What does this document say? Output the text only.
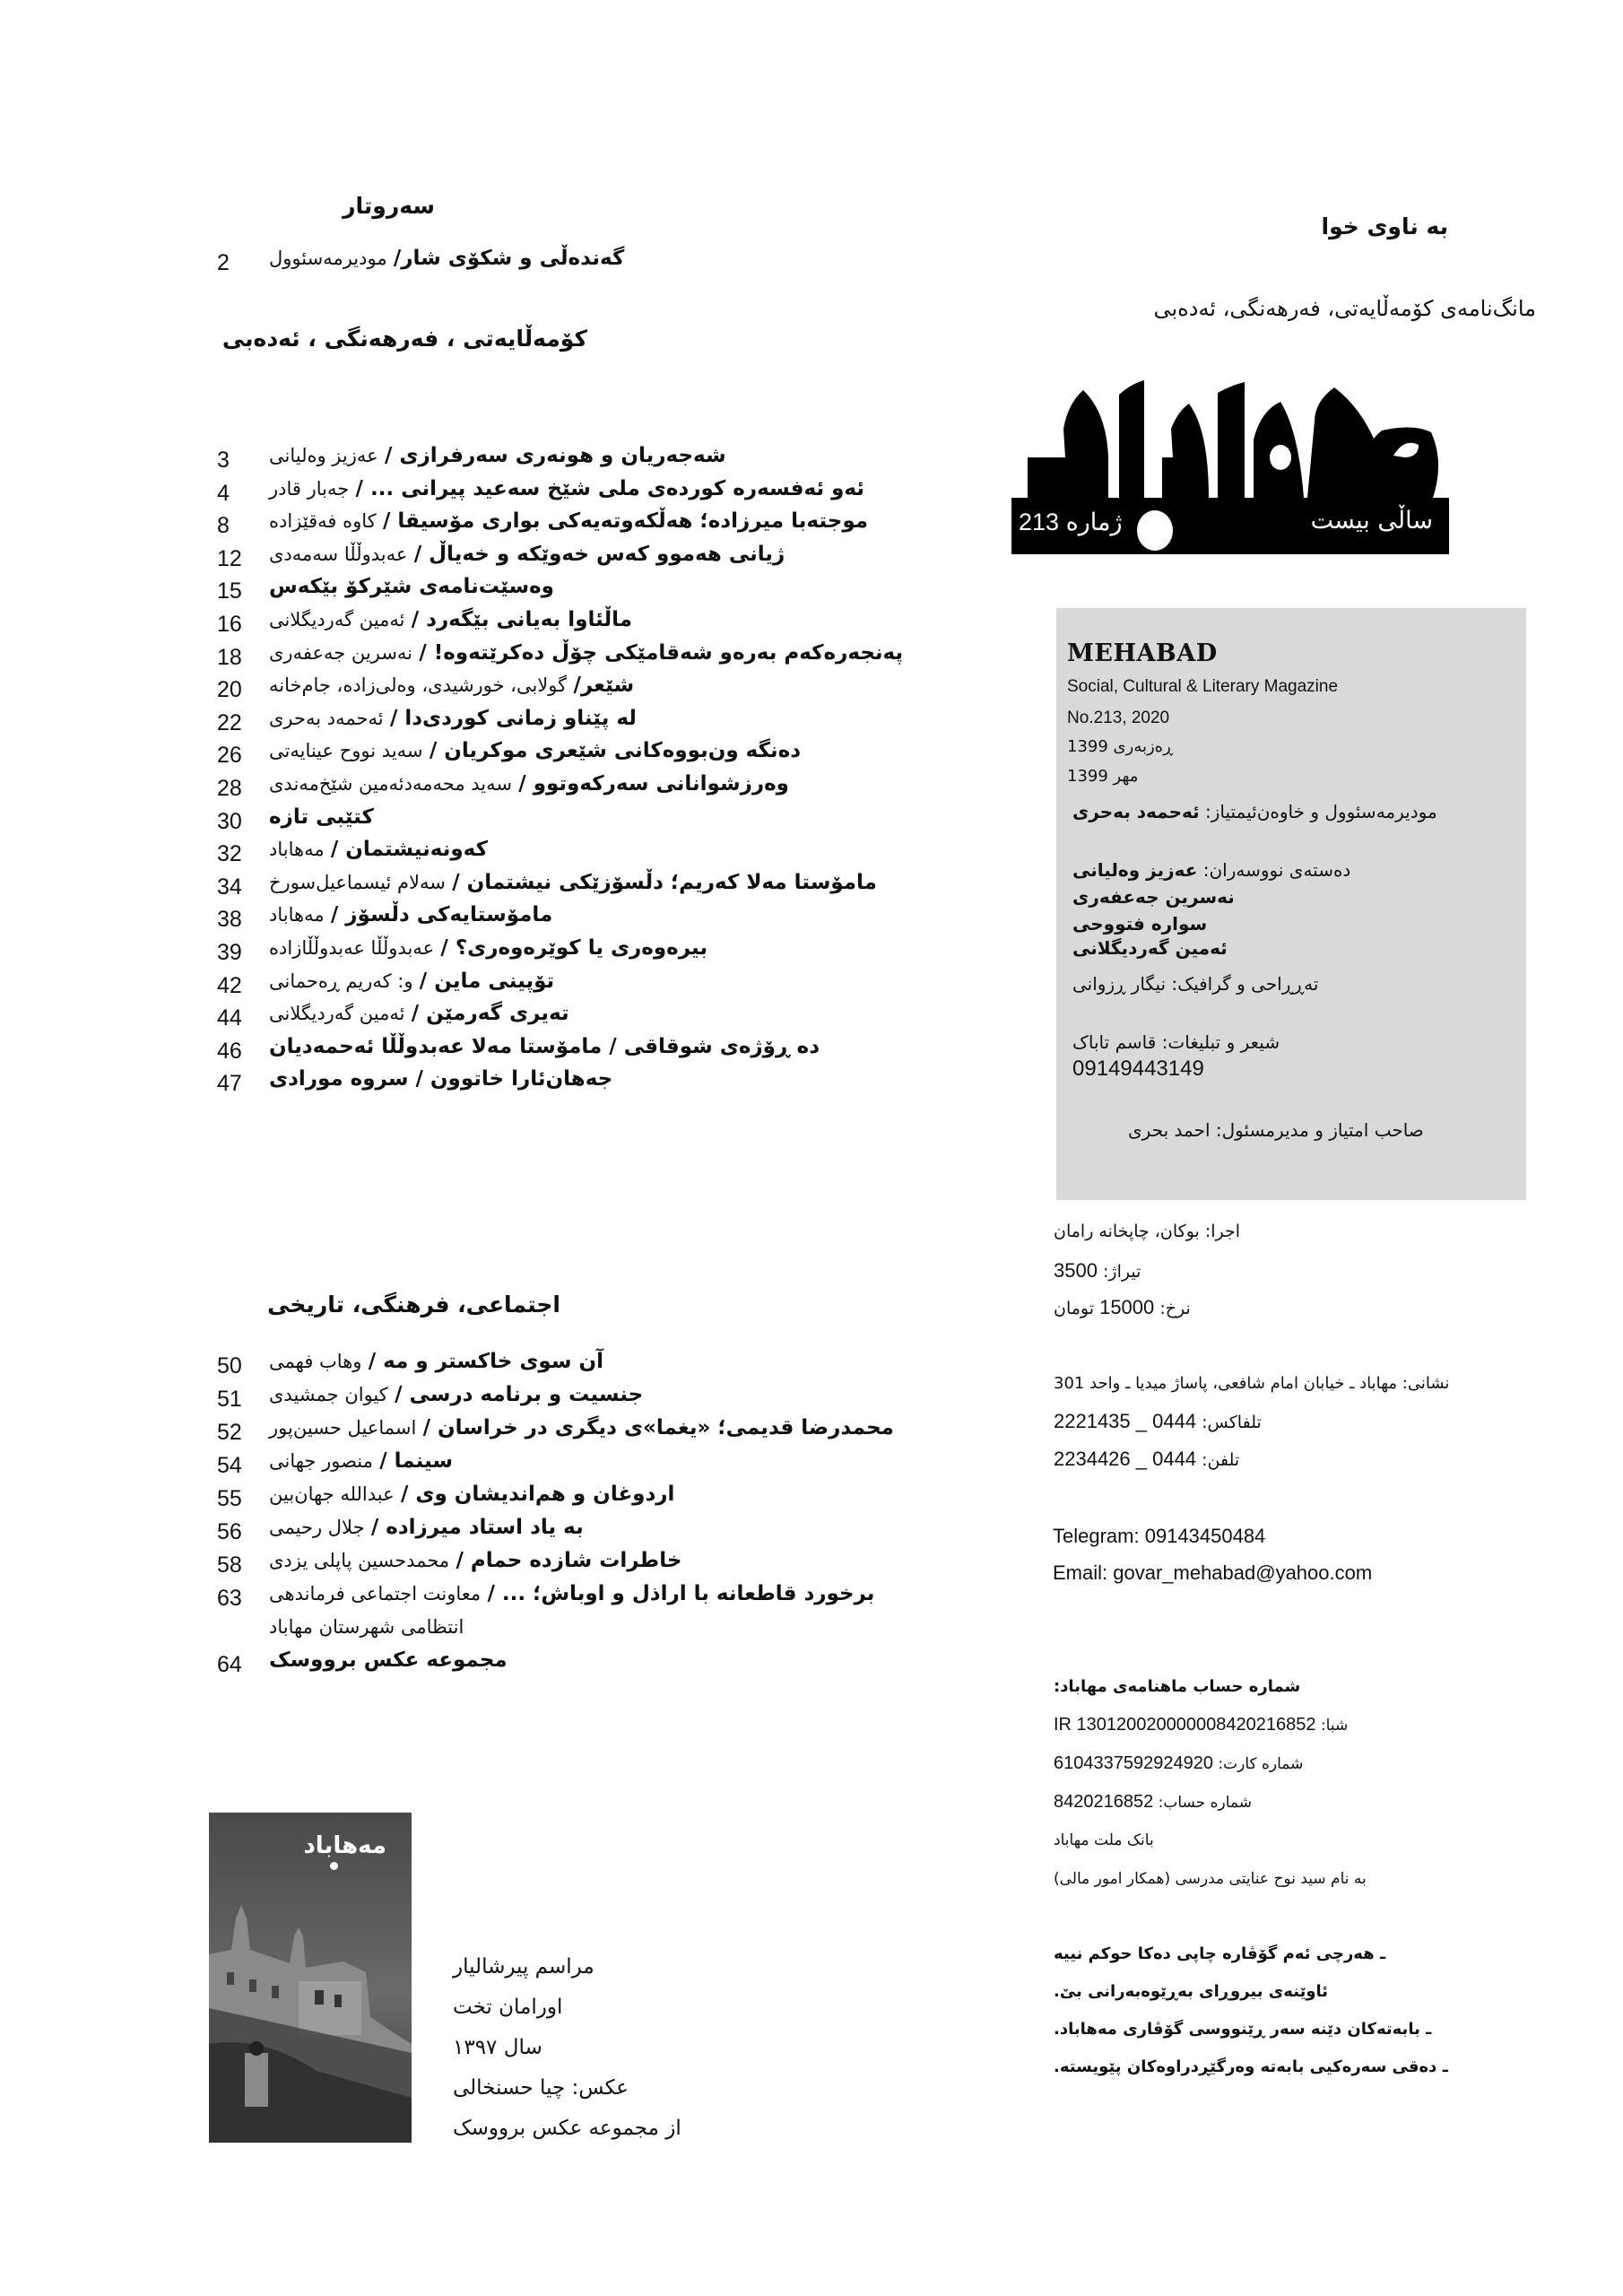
سه‌روتار
2	گه‌نده‌ڵی و شکۆی شار/ مودیرمه‌سئوول
کۆمه‌ڵایه‌تی ، فه‌رهه‌نگی ، ئه‌ده‌بی
3	شه‌جه‌ریان و هونه‌ری سه‌رفرازی / عه‌زیز وه‌لیانی
4	ئه‌و ئه‌فسه‌ره کورده‌ی ملی شێخ سه‌عید پیرانی ... / جه‌بار قادر
8	موجته‌با میرزاده؛ هه‌ڵکه‌وته‌یه‌کی بواری مۆسیقا / کاوه فه‌قێزاده
12	ژیانی هه‌موو که‌س خه‌وێکه و خه‌یاڵ / عه‌بدوڵڵا سه‌مه‌دی
15 وه‌سێت‌نامه‌ی شێرکۆ بێکه‌س
16	ماڵئاوا به‌یانی بێگه‌رد / ئه‌مین گه‌ردیگلانی
18	په‌نجه‌ره‌که‌م به‌ره‌و شه‌قامێکی چۆڵ ده‌کرێته‌وه‌! / نه‌سرین جه‌عفه‌ری
20	شێعر/ گولابی، خورشیدی، وه‌لی‌زاده، جام‌خانه
22	له پێناو زمانی کوردی‌دا / ئه‌حمه‌د به‌حری
26	ده‌نگه ون‌بووه‌کانی شێعری موکریان / سه‌ید نووح عینایه‌تی
28	وه‌رزشوانانی سه‌رکه‌وتوو / سه‌ید محه‌مه‌دئه‌مین شێخ‌مه‌ندی
30 کتێبی تازه
32	که‌ونه‌نیشتمان / مه‌هاباد
34	مامۆستا مه‌لا که‌ریم؛ دڵسۆزێکی نیشتمان / سه‌لام ئیسماعیل‌سورخ
38	مامۆستایه‌کی دڵسۆز / مه‌هاباد
39	بیره‌وه‌ری یا کوێره‌وه‌ری؟ / عه‌بدوڵڵا عه‌بدوڵڵازاده
42	تۆپینی ماین / و: که‌ریم ڕه‌حمانی
44	ته‌یری گه‌رمێن / ئه‌مین گه‌ردیگلانی
46 ده ڕۆژه‌ی شوقاقی / مامۆستا مه‌لا عه‌بدوڵڵا ئه‌حمه‌دیان
47 جه‌هان‌ئارا خاتوون / سروه مورادی
اجتماعی، فرهنگی، تاریخی
50	آن سوی خاکستر و مه / وهاب فهمی
51	جنسیت و برنامه درسی / کیوان جمشیدی
52	محمدرضا قدیمی؛ «یغما»ی دیگری در خراسان / اسماعیل حسین‌پور
54	سینما / منصور جهانی
55	اردوغان و هم‌اندیشان وی / عبدالله جهان‌بین
56	به یاد استاد میرزاده / جلال رحیمی
58	خاطرات شازده حمام / محمدحسین پاپلی یزدی
63	برخورد قاطعانه با اراذل و اوباش؛ ... / معاونت اجتماعی فرماندهی
انتظامی شهرستان مهاباد
64 مجموعه عکس برووسک
به ناوی خوا
مانگ‌نامه‌ی کۆمه‌ڵایه‌تی، فه‌رهه‌نگی، ئه‌ده‌بی
ژماره 213	ساڵی بیست
MEHABAD
Social, Cultural & Literary Magazine
No.213, 2020
ڕه‌زبه‌ری 1399
مهر 1399
مودیرمه‌سئوول و خاوه‌ن‌ئیمتیاز: ئه‌حمه‌د به‌حری
ده‌سته‌ی نووسه‌ران: عه‌زیز وه‌لیانی
نه‌سرین جه‌عفه‌ری
سواره فتووحی
ئه‌مین گه‌ردیگلانی
ته‌ڕڕاحی و گرافیک: نیگار ڕزوانی
شیعر و تبلیغات: قاسم تاباک
09149443149
صاحب امتیاز و مدیرمسئول: احمد بحری
اجرا: بوکان، چاپخانه رامان
تیراژ: 3500
نرخ: 15000 تومان
نشانی: مهاباد ـ خیابان امام شافعی، پاساژ میدیا ـ واحد 301
تلفاکس: 0444 _ 2221435
تلفن: 0444 _ 2234426
Telegram: 09143450484
Email: govar_mehabad@yahoo.com
شماره حساب ماهنامه‌ی مهاباد:
شبا: IR 130120020000008420216852
شماره کارت: 6104337592924920
شماره حساب: 8420216852
بانک ملت مهاباد
به نام سید نوح عنایتی مدرسی (همکار امور مالی)
ـ هه‌رچی ئه‌م گۆڤاره چاپی ده‌کا حوکم نییه
ئاوێنه‌ی بیروڕای به‌ڕێوه‌به‌رانی بێ.
ـ بابه‌ته‌کان دێنه سه‌ر ڕێنووسی گۆڤاری مه‌هاباد.
ـ ده‌قی سه‌ره‌کیی بابه‌ته وه‌رگێڕدراوه‌کان پێویسته.
مه‌هاباد
مراسم پیرشالیار
اورامان تخت
سال ۱۳۹۷
عکس: چیا حسنخالی
از مجموعه عکس برووسک
